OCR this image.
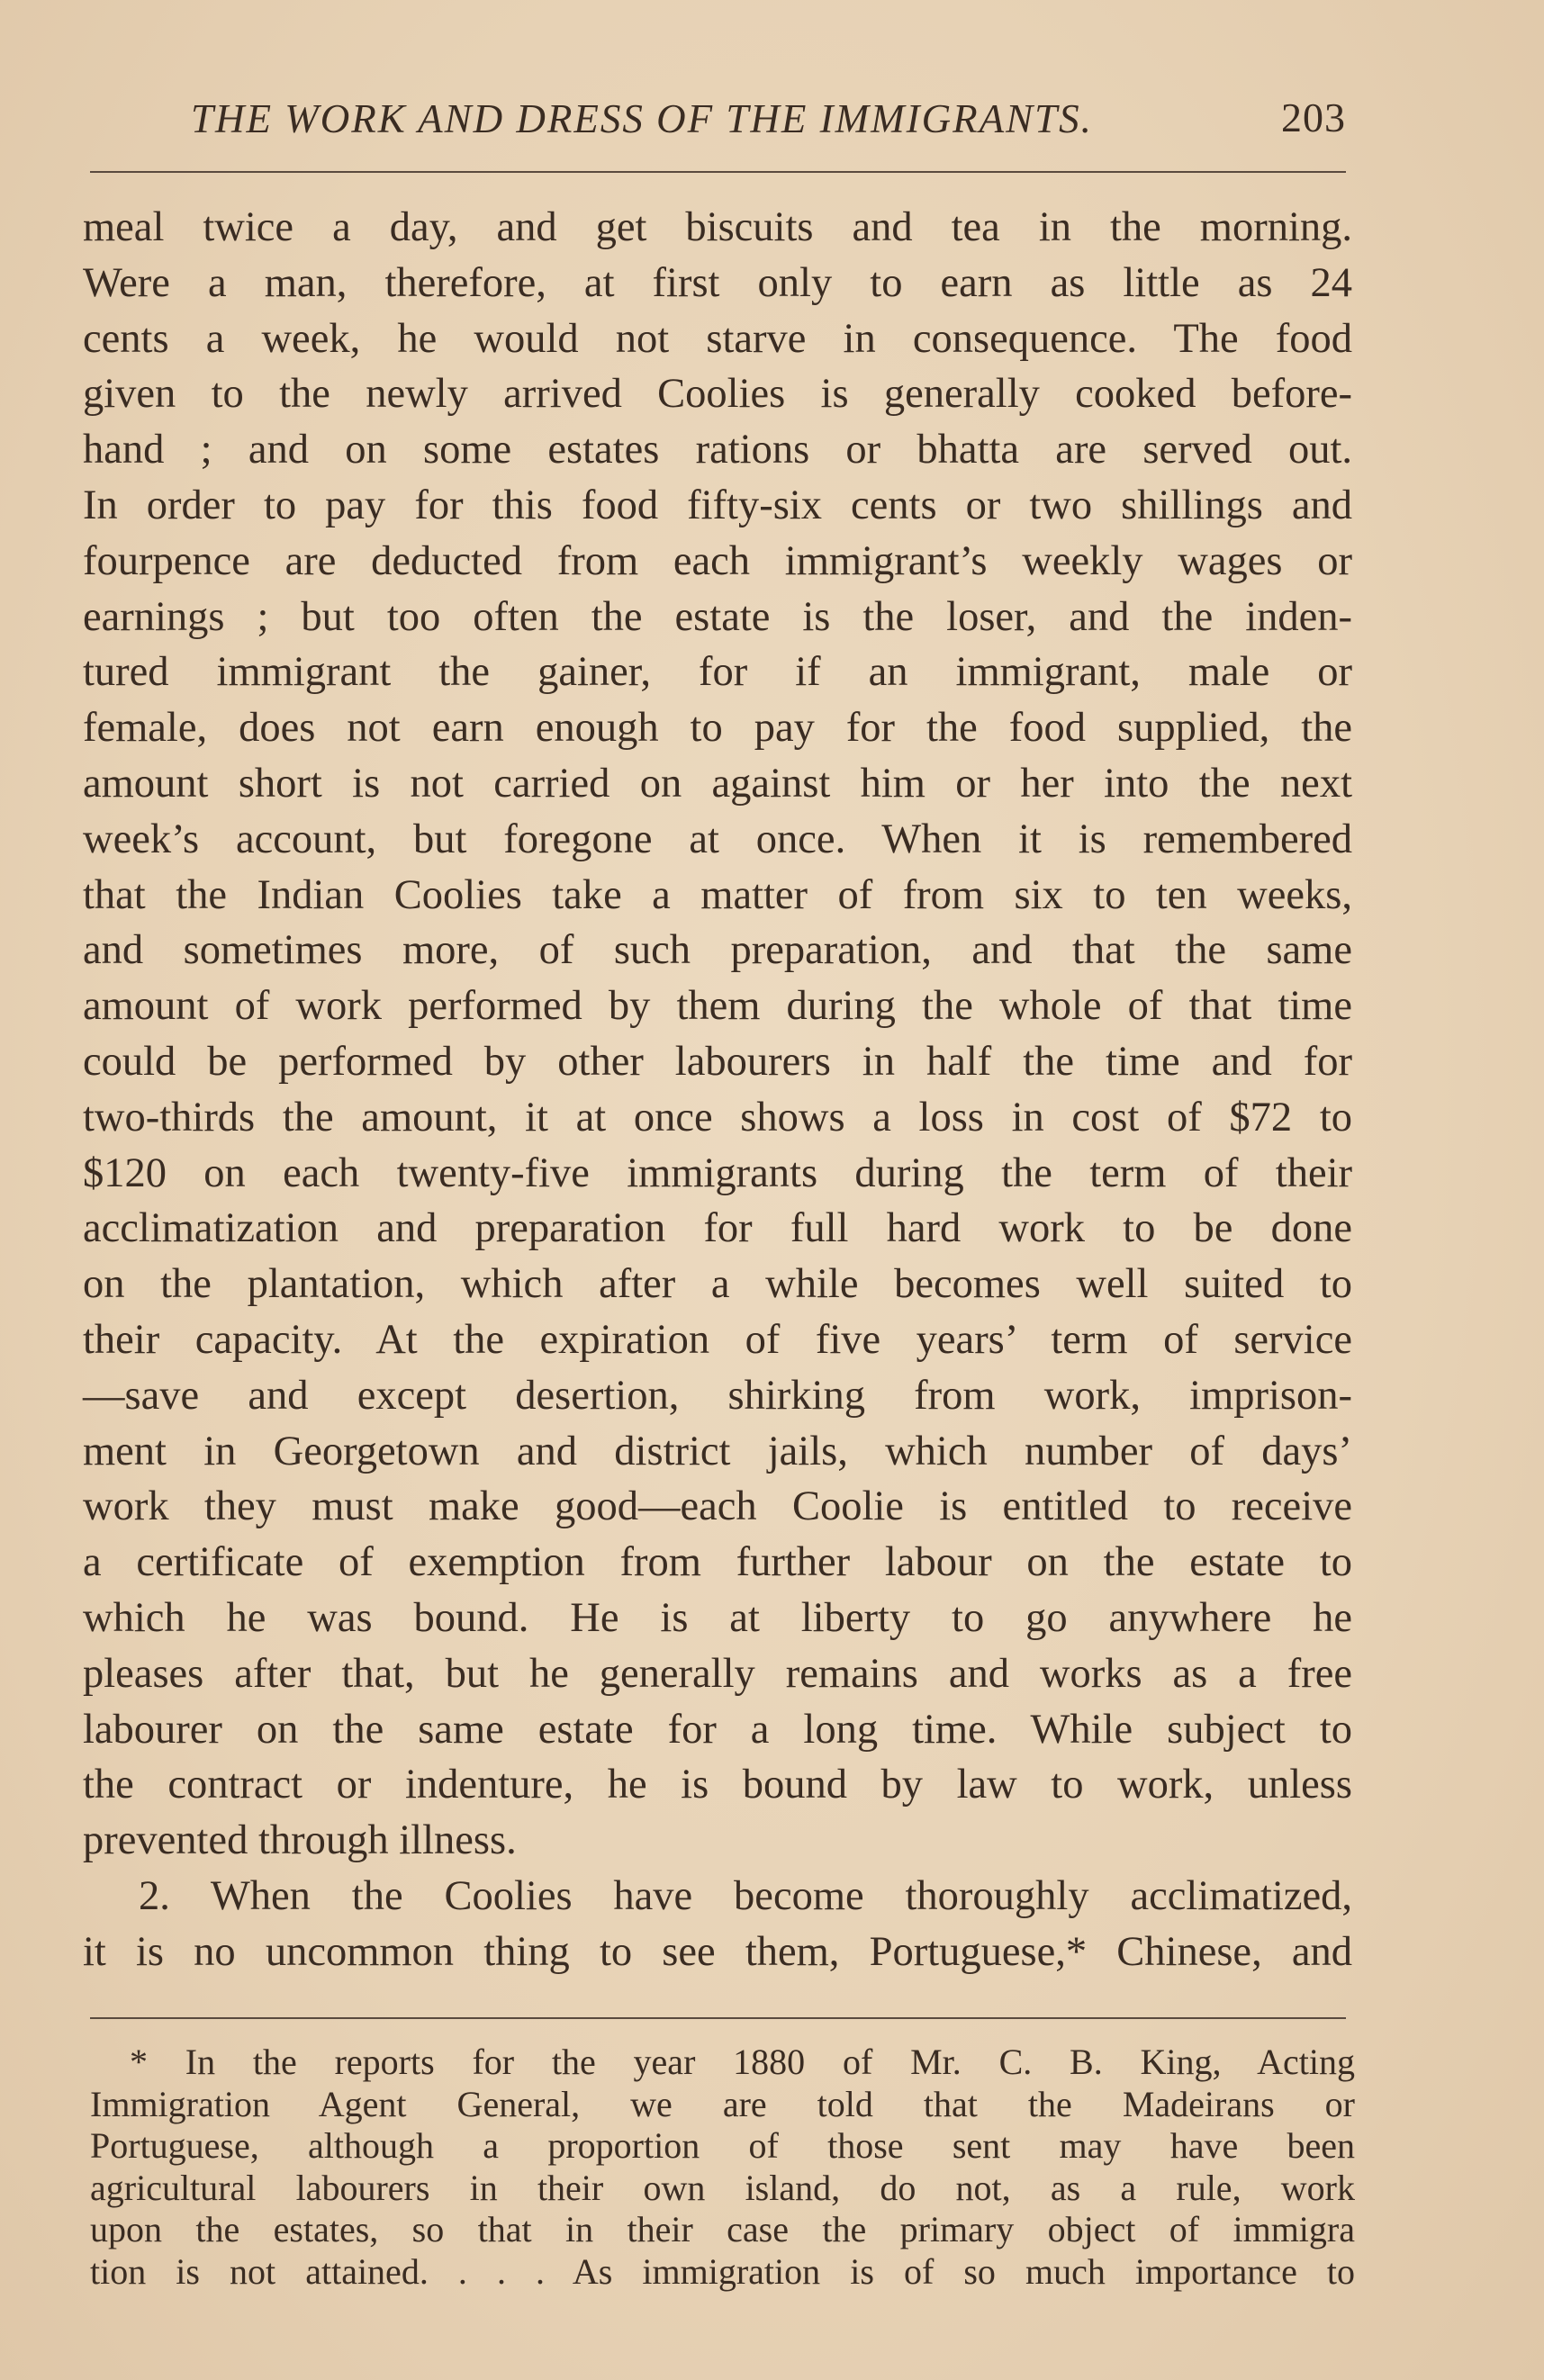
THE WORK AND DRESS OF THE IMMIGRANTS.	203
meal twice a day, and get biscuits and tea in the morning.
Were a man, therefore, at first only to earn as little as 24
cents a week, he would not starve in consequence. The food
given to the newly arrived Coolies is generally cooked before-
hand ; and on some estates rations or bhatta are served out.
In order to pay for this food fifty-six cents or two shillings and
fourpence are deducted from each immigrant’s weekly wages or
earnings ; but too often the estate is the loser, and the inden-
tured immigrant the gainer, for if an immigrant, male or
female, does not earn enough to pay for the food supplied, the
amount short is not carried on against him or her into the next
week’s account, but foregone at once. When it is remembered
that the Indian Coolies take a matter of from six to ten weeks,
and sometimes more, of such preparation, and that the same
amount of work performed by them during the whole of that time
could be performed by other labourers in half the time and for
two-thirds the amount, it at once shows a loss in cost of $72 to
$120 on each twenty-five immigrants during the term of their
acclimatization and preparation for full hard work to be done
on the plantation, which after a while becomes well suited to
their capacity. At the expiration of five years’ term of service
—save and except desertion, shirking from work, imprison-
ment in Georgetown and district jails, which number of days’
work they must make good—each Coolie is entitled to receive
a certificate of exemption from further labour on the estate to
which he was bound. He is at liberty to go anywhere he
pleases after that, but he generally remains and works as a free
labourer on the same estate for a long time. While subject to
the contract or indenture, he is bound by law to work, unless
prevented through illness.
2. When the Coolies have become thoroughly acclimatized,
it is no uncommon thing to see them, Portuguese,* Chinese, and
* In the reports for the year 1880 of Mr. C. B. King, Acting
Immigration Agent General, we are told that the Madeirans or
Portuguese, although a proportion of those sent may have been
agricultural labourers in their own island, do not, as a rule, work
upon the estates, so that in their case the primary object of immigra
tion is not attained. . . . As immigration is of so much importance to
